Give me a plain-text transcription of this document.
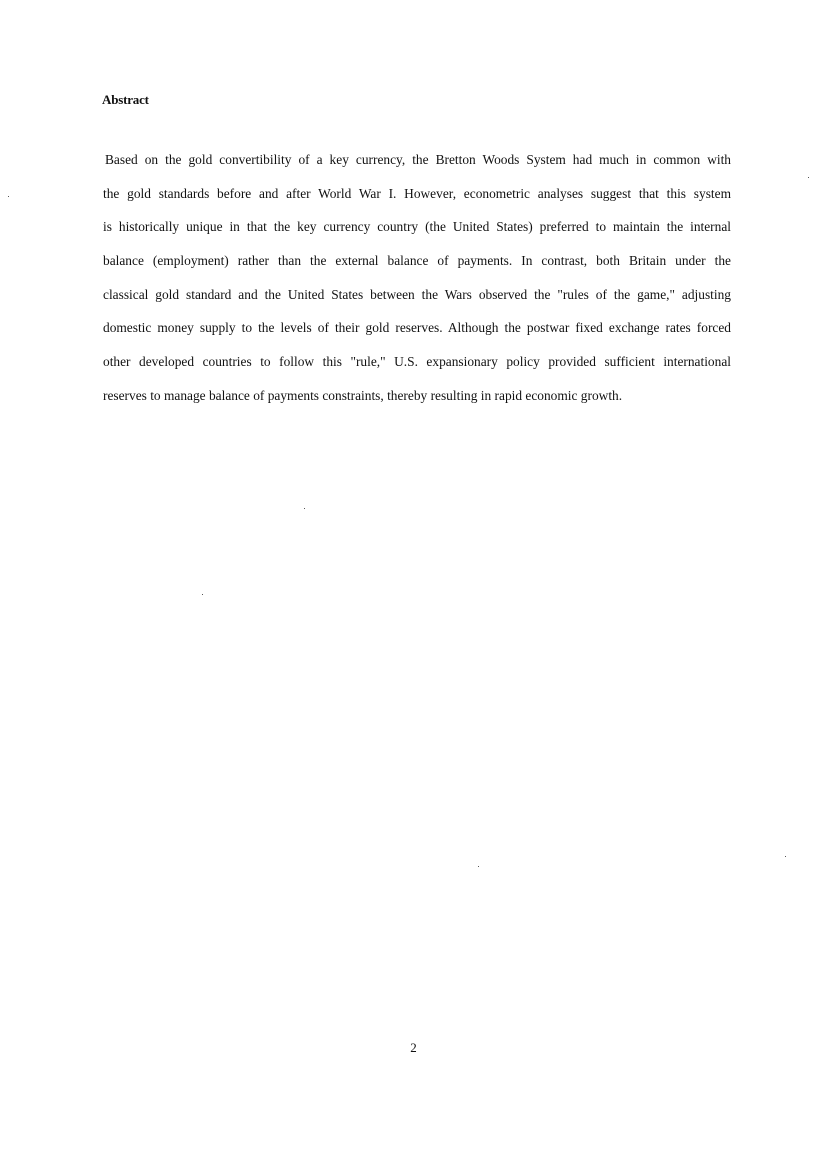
Abstract
Based on the gold convertibility of a key currency, the Bretton Woods System had much in common with
the gold standards before and after World War I. However, econometric analyses suggest that this system
is historically unique in that the key currency country (the United States) preferred to maintain the internal
balance (employment) rather than the external balance of payments. In contrast, both Britain under the
classical gold standard and the United States between the Wars observed the "rules of the game," adjusting
domestic money supply to the levels of their gold reserves. Although the postwar fixed exchange rates forced
other developed countries to follow this "rule," U.S. expansionary policy provided sufficient international
reserves to manage balance of payments constraints, thereby resulting in rapid economic growth.
2
